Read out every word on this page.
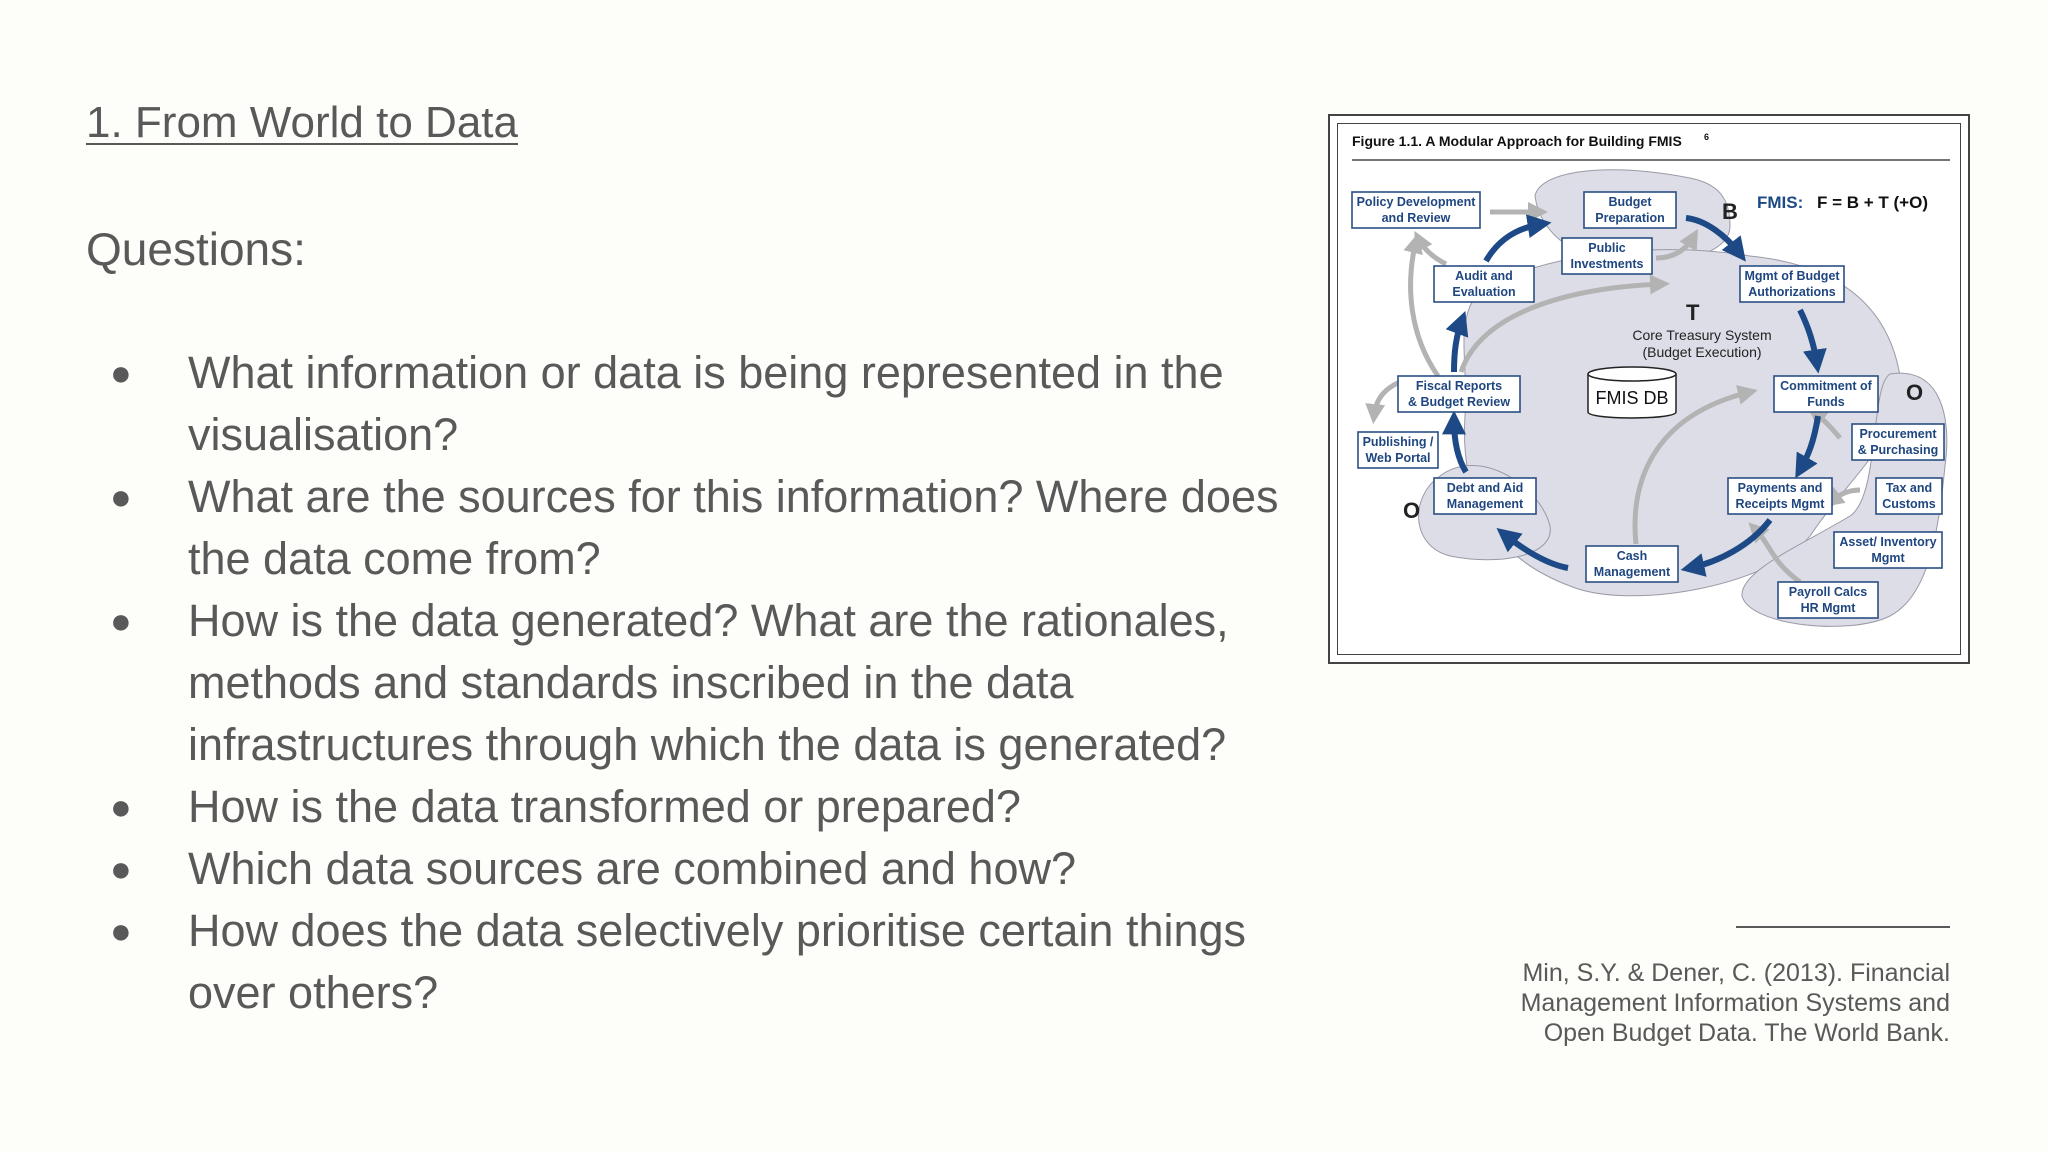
1. From World to Data
Questions:
● What information or data is being represented in the visualisation?
● What are the sources for this information? Where does the data come from?
● How is the data generated? What are the rationales, methods and standards inscribed in the data infrastructures through which the data is generated?
● How is the data transformed or prepared?
● Which data sources are combined and how?
● How does the data selectively prioritise certain things over others?
Figure 1.1. A Modular Approach for Building FMIS 6
B FMIS: F = B + T (+O)
T
Core Treasury System
(Budget Execution)
O
O
FMIS DB
Policy Development
and Review
Budget
Preparation
Public
Investments
Audit and
Evaluation
Mgmt of Budget
Authorizations
Fiscal Reports
& Budget Review
Commitment of
Funds
Publishing /
Web Portal
Procurement
& Purchasing
Debt and Aid
Management
Payments and
Receipts Mgmt
Tax and
Customs
Asset/ Inventory
Mgmt
Cash
Management
Payroll Calcs
HR Mgmt
Min, S.Y. & Dener, C. (2013). Financial
Management Information Systems and
Open Budget Data. The World Bank.
